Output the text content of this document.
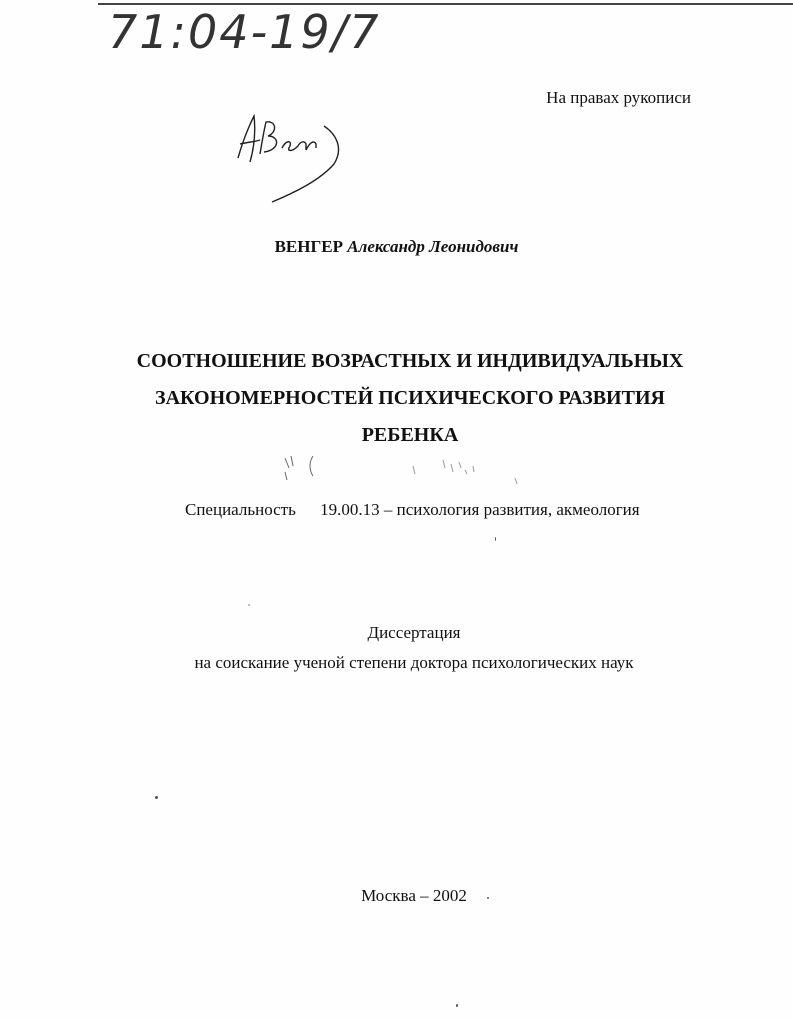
71:04-19/7
На правах рукописи
ВЕНГЕР Александр Леонидович
СООТНОШЕНИЕ ВОЗРАСТНЫХ И ИНДИВИДУАЛЬНЫХ
ЗАКОНОМЕРНОСТЕЙ ПСИХИЧЕСКОГО РАЗВИТИЯ
РЕБЕНКА
Специальность 19.00.13 – психология развития, акмеология
Диссертация
на соискание ученой степени доктора психологических наук
Москва – 2002
